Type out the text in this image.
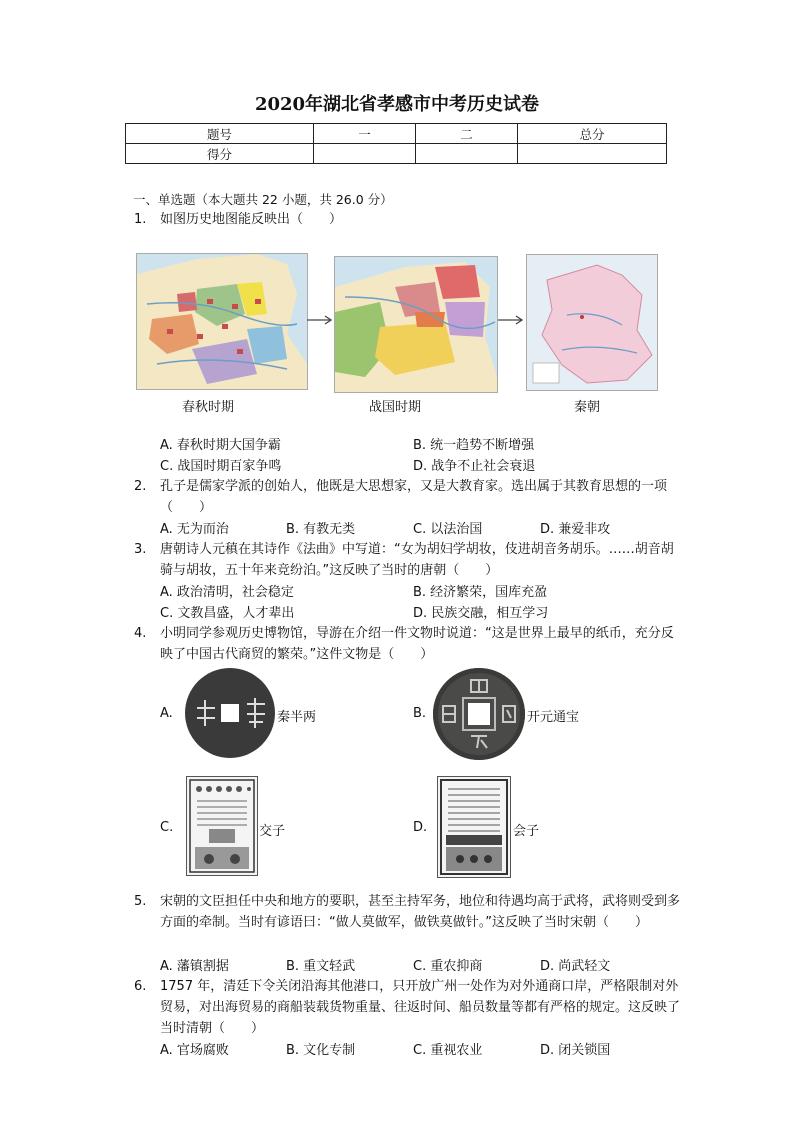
2020年湖北省孝感市中考历史试卷
题号	一	二	总分
得分			
一、单选题（本大题共 22 小题，共 26.0 分）
1. 如图历史地图能反映出（　　）
春秋时期	战国时期	秦朝
A. 春秋时期大国争霸	B. 统一趋势不断增强
C. 战国时期百家争鸣	D. 战争不止社会衰退
2. 孔子是儒家学派的创始人，他既是大思想家，又是大教育家。选出属于其教育思想的一项（　　）
A. 无为而治	B. 有教无类	C. 以法治国	D. 兼爱非攻
3. 唐朝诗人元稹在其诗作《法曲》中写道：“女为胡妇学胡妆，伎进胡音务胡乐。……胡音胡骑与胡妆，五十年来竞纷泊。”这反映了当时的唐朝（　　）
A. 政治清明，社会稳定	B. 经济繁荣，国库充盈
C. 文教昌盛，人才辈出	D. 民族交融，相互学习
4. 小明同学参观历史博物馆，导游在介绍一件文物时说道：“这是世界上最早的纸币，充分反映了中国古代商贸的繁荣。”这件文物是（　　）
A.	秦半两	B.	开元通宝
C.	交子	D.	会子
5. 宋朝的文臣担任中央和地方的要职，甚至主持军务，地位和待遇均高于武将，武将则受到多方面的牵制。当时有谚语曰：“做人莫做军，做铁莫做针。”这反映了当时宋朝（　　）
A. 藩镇割据	B. 重文轻武	C. 重农抑商	D. 尚武轻文
6. 1757 年，清廷下令关闭沿海其他港口，只开放广州一处作为对外通商口岸，严格限制对外贸易，对出海贸易的商船装载货物重量、往返时间、船员数量等都有严格的规定。这反映了当时清朝（　　）
A. 官场腐败	B. 文化专制	C. 重视农业	D. 闭关锁国
